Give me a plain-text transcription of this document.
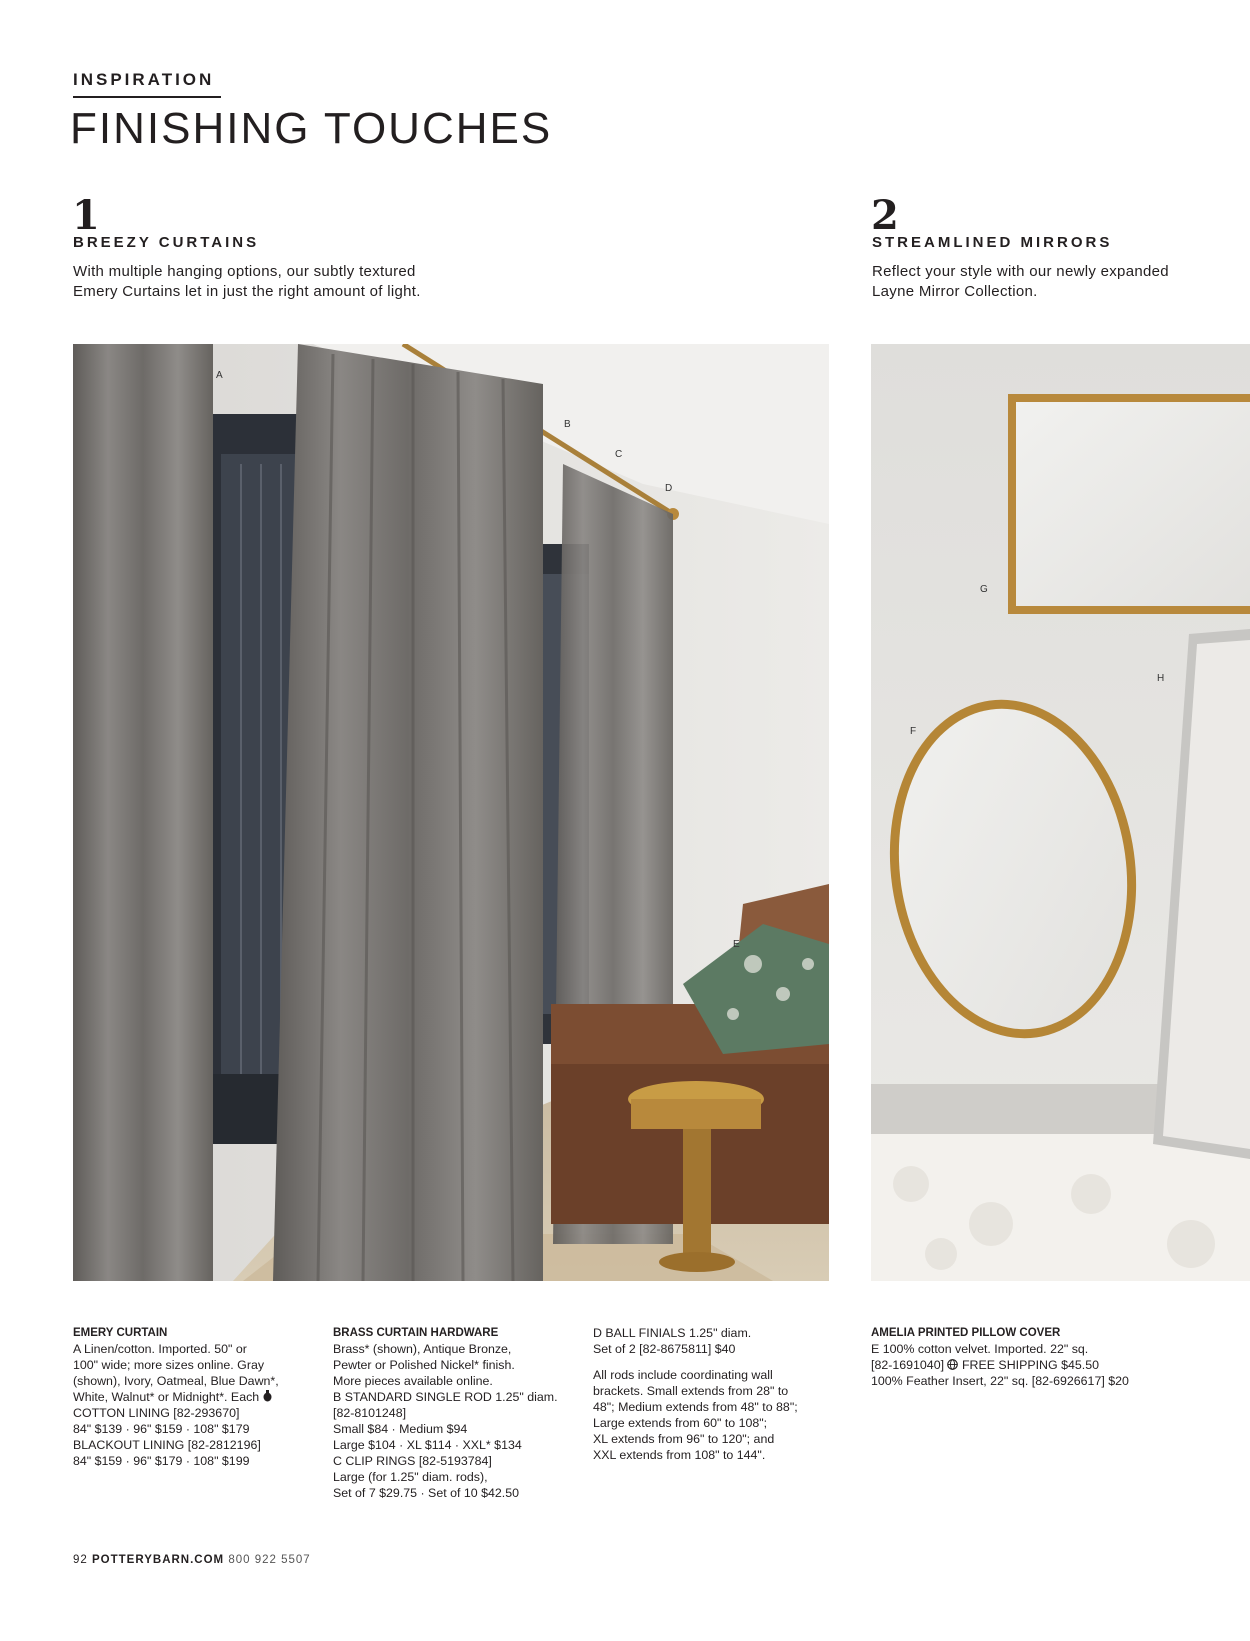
INSPIRATION
FINISHING TOUCHES
1
BREEZY CURTAINS
With multiple hanging options, our subtly textured
Emery Curtains let in just the right amount of light.
2
STREAMLINED MIRRORS
Reflect your style with our newly expanded
Layne Mirror Collection.
A
B
C
D
E
G
H
F

EMERY CURTAIN

A Linen/cotton. Imported. 50" or

100" wide; more sizes online. Gray

(shown), Ivory, Oatmeal, Blue Dawn*,

White, Walnut* or Midnight*. Each

COTTON LINING [82-293670]

84" $139 · 96" $159 · 108" $179

BLACKOUT LINING [82-2812196]

84" $159 · 96" $179 · 108" $199

BRASS CURTAIN HARDWARE

Brass* (shown), Antique Bronze,

Pewter or Polished Nickel* finish.

More pieces available online.

B STANDARD SINGLE ROD 1.25" diam.

[82-8101248]

Small $84 · Medium $94

Large $104 · XL $114 · XXL* $134

C CLIP RINGS [82-5193784]

Large (for 1.25" diam. rods),

Set of 7 $29.75 · Set of 10 $42.50

D BALL FINIALS 1.25" diam.

Set of 2 [82-8675811] $40

All rods include coordinating wall

brackets. Small extends from 28" to

48"; Medium extends from 48" to 88";

Large extends from 60" to 108";

XL extends from 96" to 120"; and

XXL extends from 108" to 144".

AMELIA PRINTED PILLOW COVER

E 100% cotton velvet. Imported. 22" sq.

[82-1691040] FREE SHIPPING $45.50

100% Feather Insert, 22" sq. [82-6926617] $20

92 POTTERYBARN.COM 800 922 5507
